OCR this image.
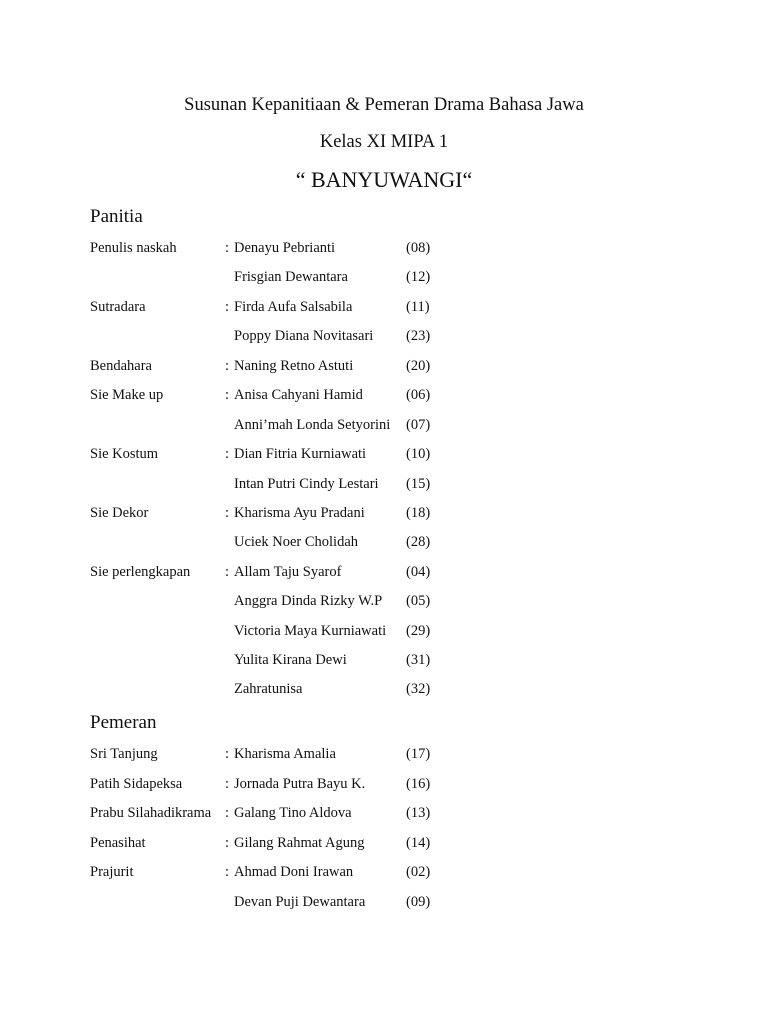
Susunan Kepanitiaan & Pemeran Drama Bahasa Jawa
Kelas XI MIPA 1
“ BANYUWANGI“
Panitia
Penulis naskah	: Denayu Pebrianti	(08)
Frisgian Dewantara	(12)
Sutradara	: Firda Aufa Salsabila	(11)
Poppy Diana Novitasari (23)
Bendahara	: Naning Retno Astuti	(20)
Sie Make up	: Anisa Cahyani Hamid	(06)
Anni’mah Londa Setyorini (07)
Sie Kostum	: Dian Fitria Kurniawati	(10)
Intan Putri Cindy Lestari (15)
Sie Dekor	: Kharisma Ayu Pradani	(18)
Uciek Noer Cholidah	(28)
Sie perlengkapan : Allam Taju Syarof	(04)
Anggra Dinda Rizky W.P (05)
Victoria Maya Kurniawati (29)
Yulita Kirana Dewi	(31)
Zahratunisa	(32)
Pemeran
Sri Tanjung	: Kharisma Amalia	(17)
Patih Sidapeksa	: Jornada Putra Bayu K.	(16)
Prabu Silahadikrama : Galang Tino Aldova	(13)
Penasihat	: Gilang Rahmat Agung	(14)
Prajurit	: Ahmad Doni Irawan	(02)
Devan Puji Dewantara	(09)
